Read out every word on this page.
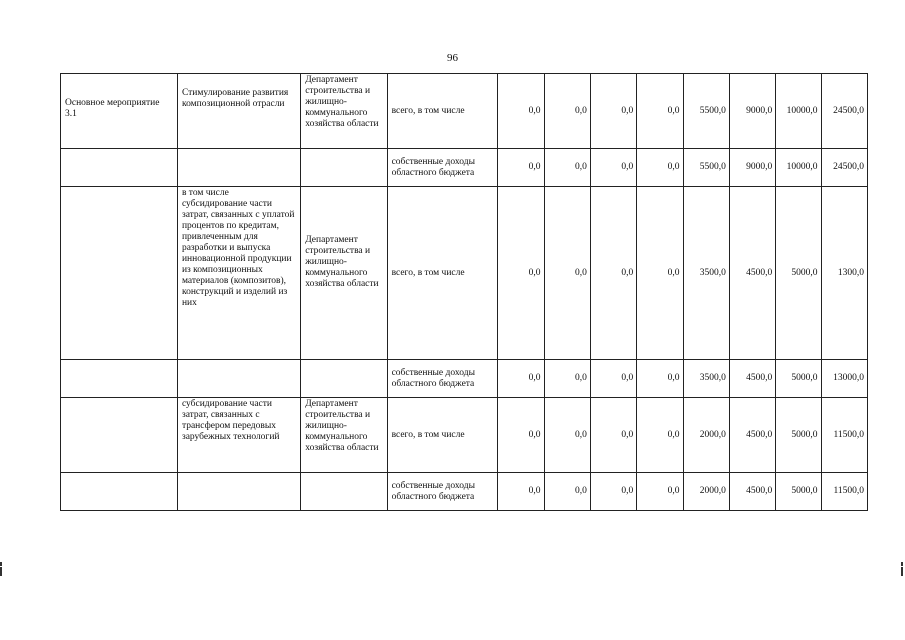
96
Основное мероприятие 3.1	Стимулирование развития композиционной отрасли	Департамент строительства и жилищно-коммунального хозяйства области	всего, в том числе	0,0	0,0	0,0	0,0	5500,0	9000,0	10000,0	24500,0
			собственные доходы областного бюджета	0,0	0,0	0,0	0,0	5500,0	9000,0	10000,0	24500,0
	в том числе субсидирование части затрат, связанных с уплатой процентов по кредитам, привлеченным для разработки и выпуска инновационной продукции из композиционных материалов (композитов), конструкций и изделий из них	Департамент строительства и жилищно-коммунального хозяйства области	всего, в том числе	0,0	0,0	0,0	0,0	3500,0	4500,0	5000,0	1300,0
			собственные доходы областного бюджета	0,0	0,0	0,0	0,0	3500,0	4500,0	5000,0	13000,0
	субсидирование части затрат, связанных с трансфером передовых зарубежных технологий	Департамент строительства и жилищно-коммунального хозяйства области	всего, в том числе	0,0	0,0	0,0	0,0	2000,0	4500,0	5000,0	11500,0
			собственные доходы областного бюджета	0,0	0,0	0,0	0,0	2000,0	4500,0	5000,0	11500,0
